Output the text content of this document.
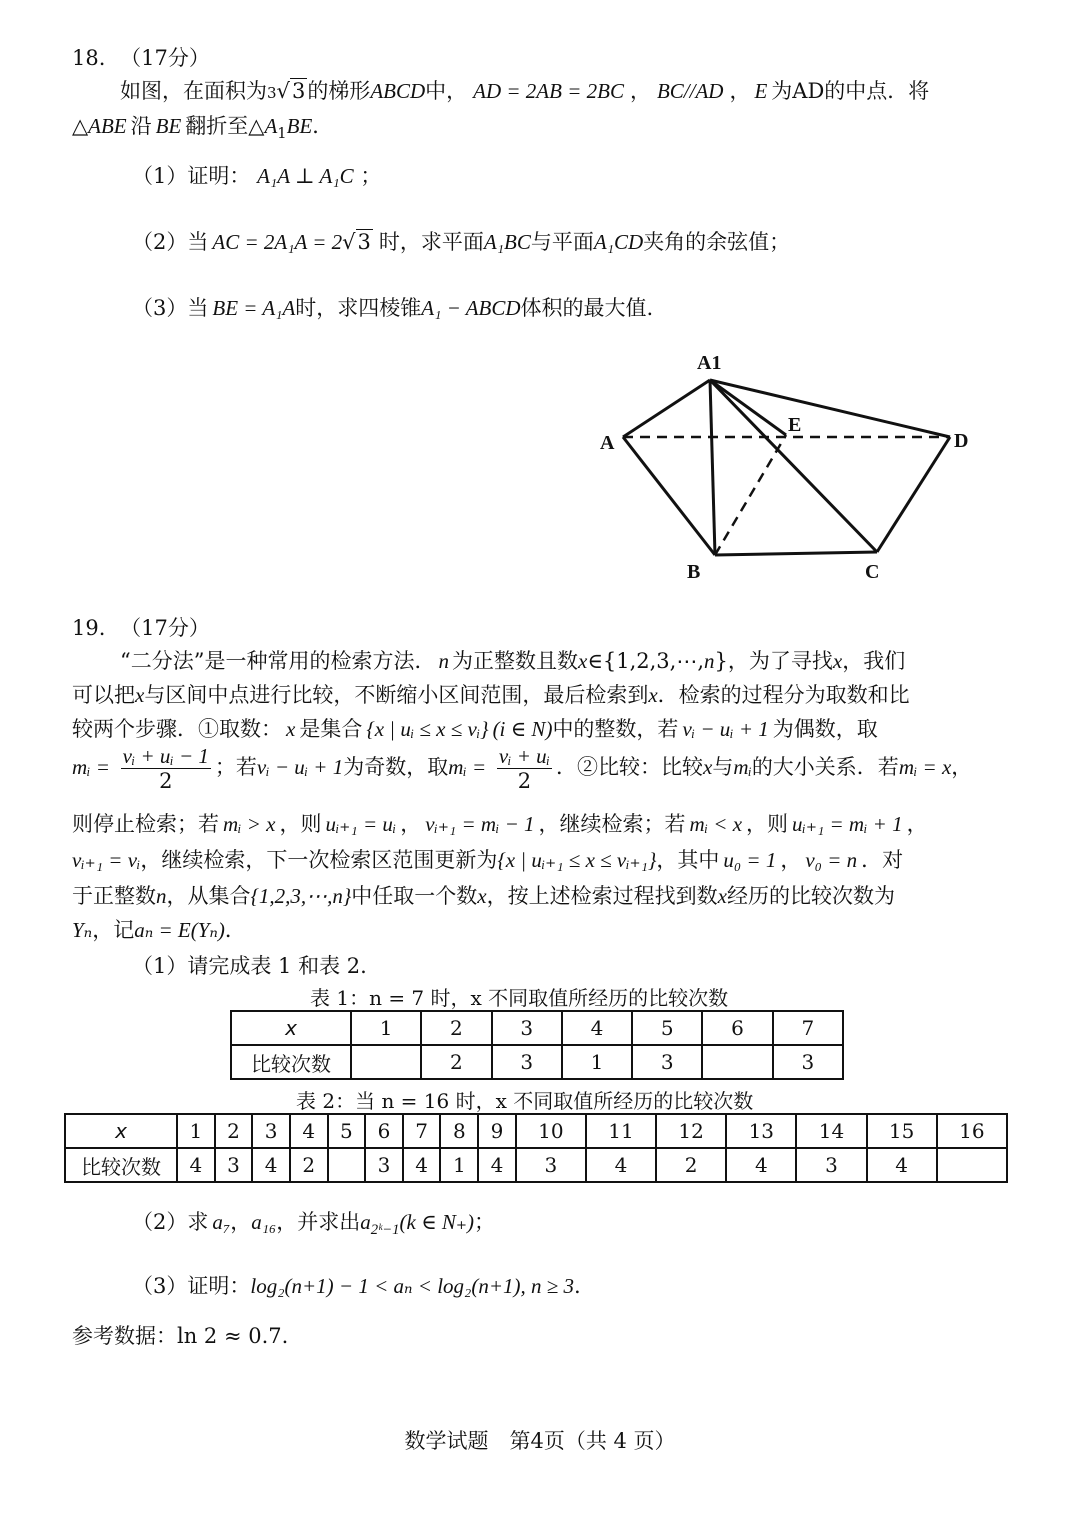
18. （17分）
如图，在面积为3√3的梯形ABCD中， AD = 2AB = 2BC ， BC//AD ， E 为AD的中点．将
△ABE 沿 BE 翻折至$\triangle A_1BE$．
（1）证明： A₁A ⊥ A₁C ；
（2）当 AC = 2A₁A = 2√3 时，求平面A₁BC与平面A₁CD夹角的余弦值；
（3）当 BE = A₁A时，求四棱锥A₁ − ABCD体积的最大值.
A1
A
E
D
B	C
19. （17分）
“二分法”是一种常用的检索方法． n 为正整数且数x∈{1,2,3,⋯,n}，为了寻找x，我们
可以把x与区间中点进行比较，不断缩小区间范围，最后检索到x．检索的过程分为取数和比
较两个步骤．①取数： x 是集合 {x | uᵢ ≤ x ≤ vᵢ} (i ∈ N)中的整数，若 vᵢ − uᵢ + 1 为偶数，取
mᵢ = $\frac{\text{vᵢ + uᵢ − 1}}{2}$ ；若vᵢ − uᵢ + 1为奇数，取mᵢ = $\frac{\text{vᵢ + uᵢ}}{2}$ ．②比较：比较x与mᵢ的大小关系．若mᵢ = x，
则停止检索；若 mᵢ > x ，则 uᵢ₊₁ = uᵢ ， vᵢ₊₁ = mᵢ − 1 ，继续检索；若 mᵢ < x ，则 uᵢ₊₁ = mᵢ + 1 ，
vᵢ₊₁ = vᵢ，继续检索，下一次检索区范围更新为{x | uᵢ₊₁ ≤ x ≤ vᵢ₊₁}，其中 u₀ = 1 ， v₀ = n ．对
于正整数n，从集合{1,2,3,⋯,n}中任取一个数x，按上述检索过程找到数x经历的比较次数为
Yₙ，记aₙ = E(Yₙ)．
（1）请完成表 1 和表 2.
表 1：n = 7 时，x 不同取值所经历的比较次数
x	1	2	3	4	5	6	7
比较次数		2	3	1	3		3
表 2：当 n = 16 时，x 不同取值所经历的比较次数
x	1	2	3	4	5	6	7	8	9	10	11	12	13	14	15	16
比较次数	4	3	4	2		3	4	1	4	3	4	2	4	3	4	
（2）求 a₇，a₁₆，并求出$a_{2ᵏ-1}(k$ ∈ N₊)；
（3）证明：log₂(n+1) − 1 < aₙ < log₂(n+1), n ≥ 3.
参考数据：ln 2 ≈ 0.7.
数学试题　第4页（共 4 页）
